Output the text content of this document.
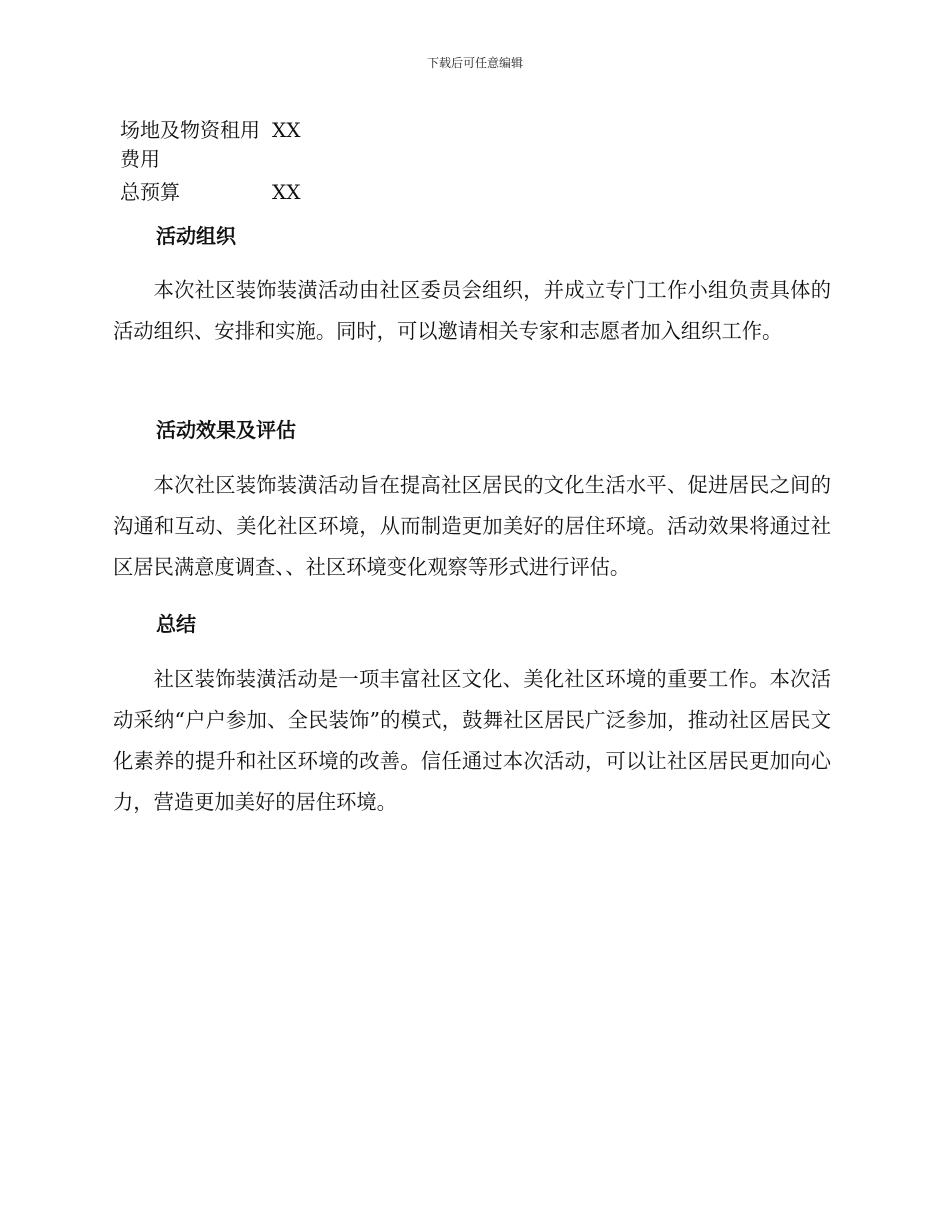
下载后可任意编辑
场地及物资租用费用	XX
总预算	XX
活动组织

本次社区装饰装潢活动由社区委员会组织，并成立专门工作小组负责具体的活动组织、安排和实施。同时，可以邀请相关专家和志愿者加入组织工作。

活动效果及评估

本次社区装饰装潢活动旨在提高社区居民的文化生活水平、促进居民之间的沟通和互动、美化社区环境，从而制造更加美好的居住环境。活动效果将通过社区居民满意度调查、、社区环境变化观察等形式进行评估。

总结

社区装饰装潢活动是一项丰富社区文化、美化社区环境的重要工作。本次活动采纳“户户参加、全民装饰”的模式，鼓舞社区居民广泛参加，推动社区居民文化素养的提升和社区环境的改善。信任通过本次活动，可以让社区居民更加向心力，营造更加美好的居住环境。
